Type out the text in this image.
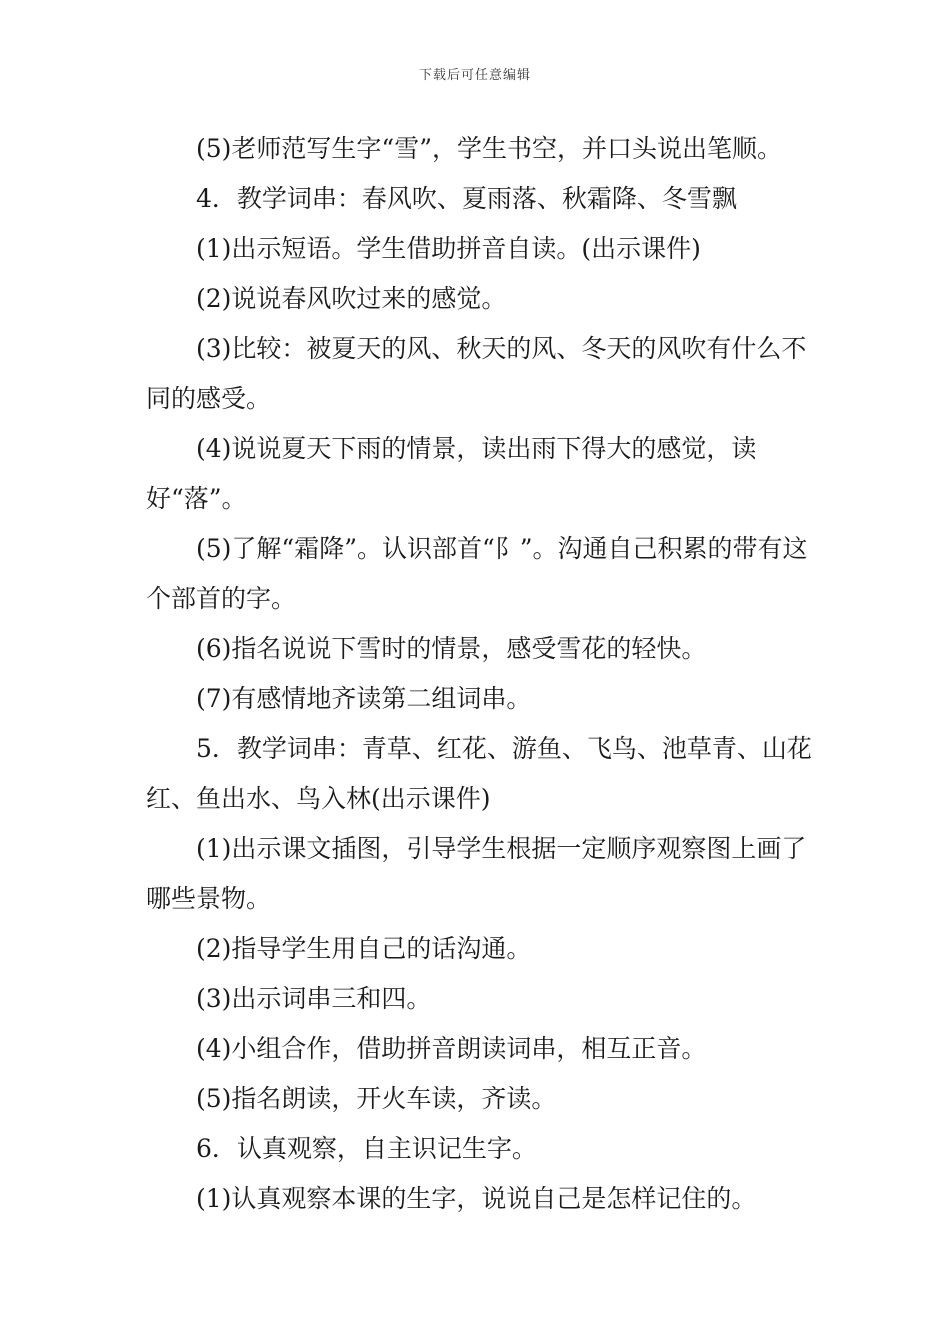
下载后可任意编辑

(5)老师范写生字“雪”，学生书空，并口头说出笔顺。

4．教学词串：春风吹、夏雨落、秋霜降、冬雪飘

(1)出示短语。学生借助拼音自读。(出示课件)

(2)说说春风吹过来的感觉。

(3)比较：被夏天的风、秋天的风、冬天的风吹有什么不同的感受。

(4)说说夏天下雨的情景，读出雨下得大的感觉，读好“落”。

(5)了解“霜降”。认识部首“阝”。沟通自己积累的带有这个部首的字。

(6)指名说说下雪时的情景，感受雪花的轻快。

(7)有感情地齐读第二组词串。

5．教学词串：青草、红花、游鱼、飞鸟、池草青、山花红、鱼出水、鸟入林(出示课件)

(1)出示课文插图，引导学生根据一定顺序观察图上画了哪些景物。

(2)指导学生用自己的话沟通。

(3)出示词串三和四。

(4)小组合作，借助拼音朗读词串，相互正音。

(5)指名朗读，开火车读，齐读。

6．认真观察，自主识记生字。

(1)认真观察本课的生字，说说自己是怎样记住的。
